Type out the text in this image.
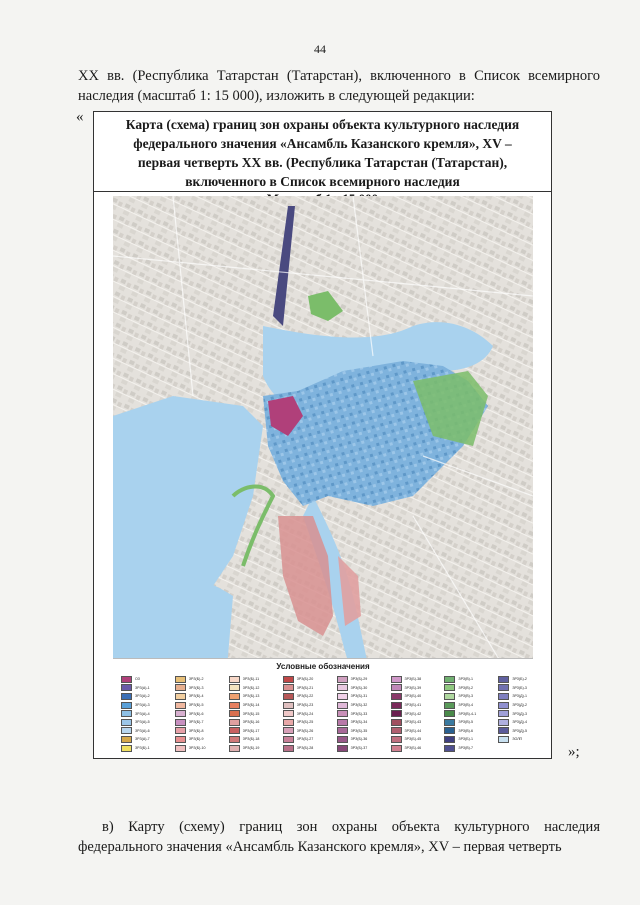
44
XX вв. (Республика Татарстан (Татарстан), включенного в Список всемирного наследия (масштаб 1: 15 000), изложить в следующей редакции:
«	Карта (схема) границ зон охраны объекта культурного наследия
федерального значения «Ансамбль Казанского кремля», XV –
первая четверть XX вв. (Республика Татарстан (Татарстан),
включенного в Список всемирного наследия
Условные обозначения
ОЗ
ЗРЗ(А)-1
ЗРЗ(А)-2
ЗРЗ(А)-3
ЗРЗ(А)-4
ЗРЗ(А)-5
ЗРЗ(А)-6
ЗРЗ(А)-7
ЗРЗ(Б)-1
ЗРЗ(Б)-2
ЗРЗ(Б)-3
ЗРЗ(Б)-4
ЗРЗ(Б)-5
ЗРЗ(Б)-6
ЗРЗ(Б)-7
ЗРЗ(Б)-8
ЗРЗ(Б)-9
ЗРЗ(Б)-10
ЗРЗ(Б)-11
ЗРЗ(Б)-12
ЗРЗ(Б)-13
ЗРЗ(Б)-14
ЗРЗ(Б)-15
ЗРЗ(Б)-16
ЗРЗ(Б)-17
ЗРЗ(Б)-18
ЗРЗ(Б)-19
ЗРЗ(Б)-20
ЗРЗ(Б)-21
ЗРЗ(Б)-22
ЗРЗ(Б)-23
ЗРЗ(Б)-24
ЗРЗ(Б)-25
ЗРЗ(Б)-26
ЗРЗ(Б)-27
ЗРЗ(Б)-28
ЗРЗ(Б)-29
ЗРЗ(Б)-30
ЗРЗ(Б)-31
ЗРЗ(Б)-32
ЗРЗ(Б)-33
ЗРЗ(Б)-34
ЗРЗ(Б)-35
ЗРЗ(Б)-36
ЗРЗ(Б)-37
ЗРЗ(Б)-38
ЗРЗ(Б)-39
ЗРЗ(Б)-40
ЗРЗ(Б)-41
ЗРЗ(Б)-42
ЗРЗ(Б)-43
ЗРЗ(Б)-44
ЗРЗ(Б)-45
ЗРЗ(Б)-46
ЗРЗ(В)-1
ЗРЗ(В)-2
ЗРЗ(В)-3
ЗРЗ(В)-4
ЗРЗ(В)-4-1
ЗРЗ(В)-5
ЗРЗ(В)-6
ЗРЗ(Б)-1
ЗРЗ(В)-7
ЗРЗ(Б)-2
ЗРЗ(Б)-3
ЗРЗ(Д)-1
ЗРЗ(Д)-2
ЗРЗ(Д)-3
ЗРЗ(Д)-4
ЗРЗ(Д)-5
ЗОЛП
»;
в) Карту (схему) границ зон охраны объекта культурного наследия федерального значения «Ансамбль Казанского кремля», XV – первая четверть
